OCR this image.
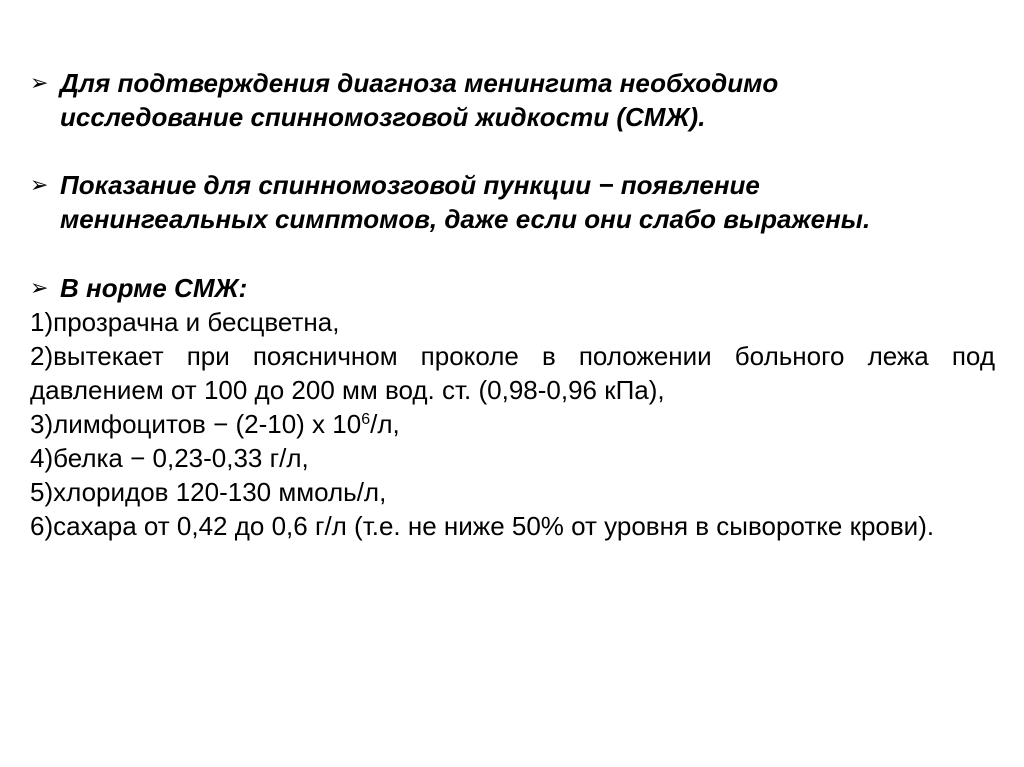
➢ Для подтверждения диагноза менингита необходимо
исследование спинномозговой жидкости (СМЖ).
➢ Показание для спинномозговой пункции − появление
менингеальных симптомов, даже если они слабо выражены.
➢ В норме СМЖ:
1)прозрачна и бесцветна,
2)вытекает при поясничном проколе в положении больного лежа под давлением от 100 до 200 мм вод. ст. (0,98-0,96 кПа),
3)лимфоцитов − (2-10) х $10^6/л$,
4)белка − 0,23-0,33 г/л,
5)хлоридов 120-130 ммоль/л,
6)сахара от 0,42 до 0,6 г/л (т.е. не ниже 50% от уровня в сыворотке крови).
